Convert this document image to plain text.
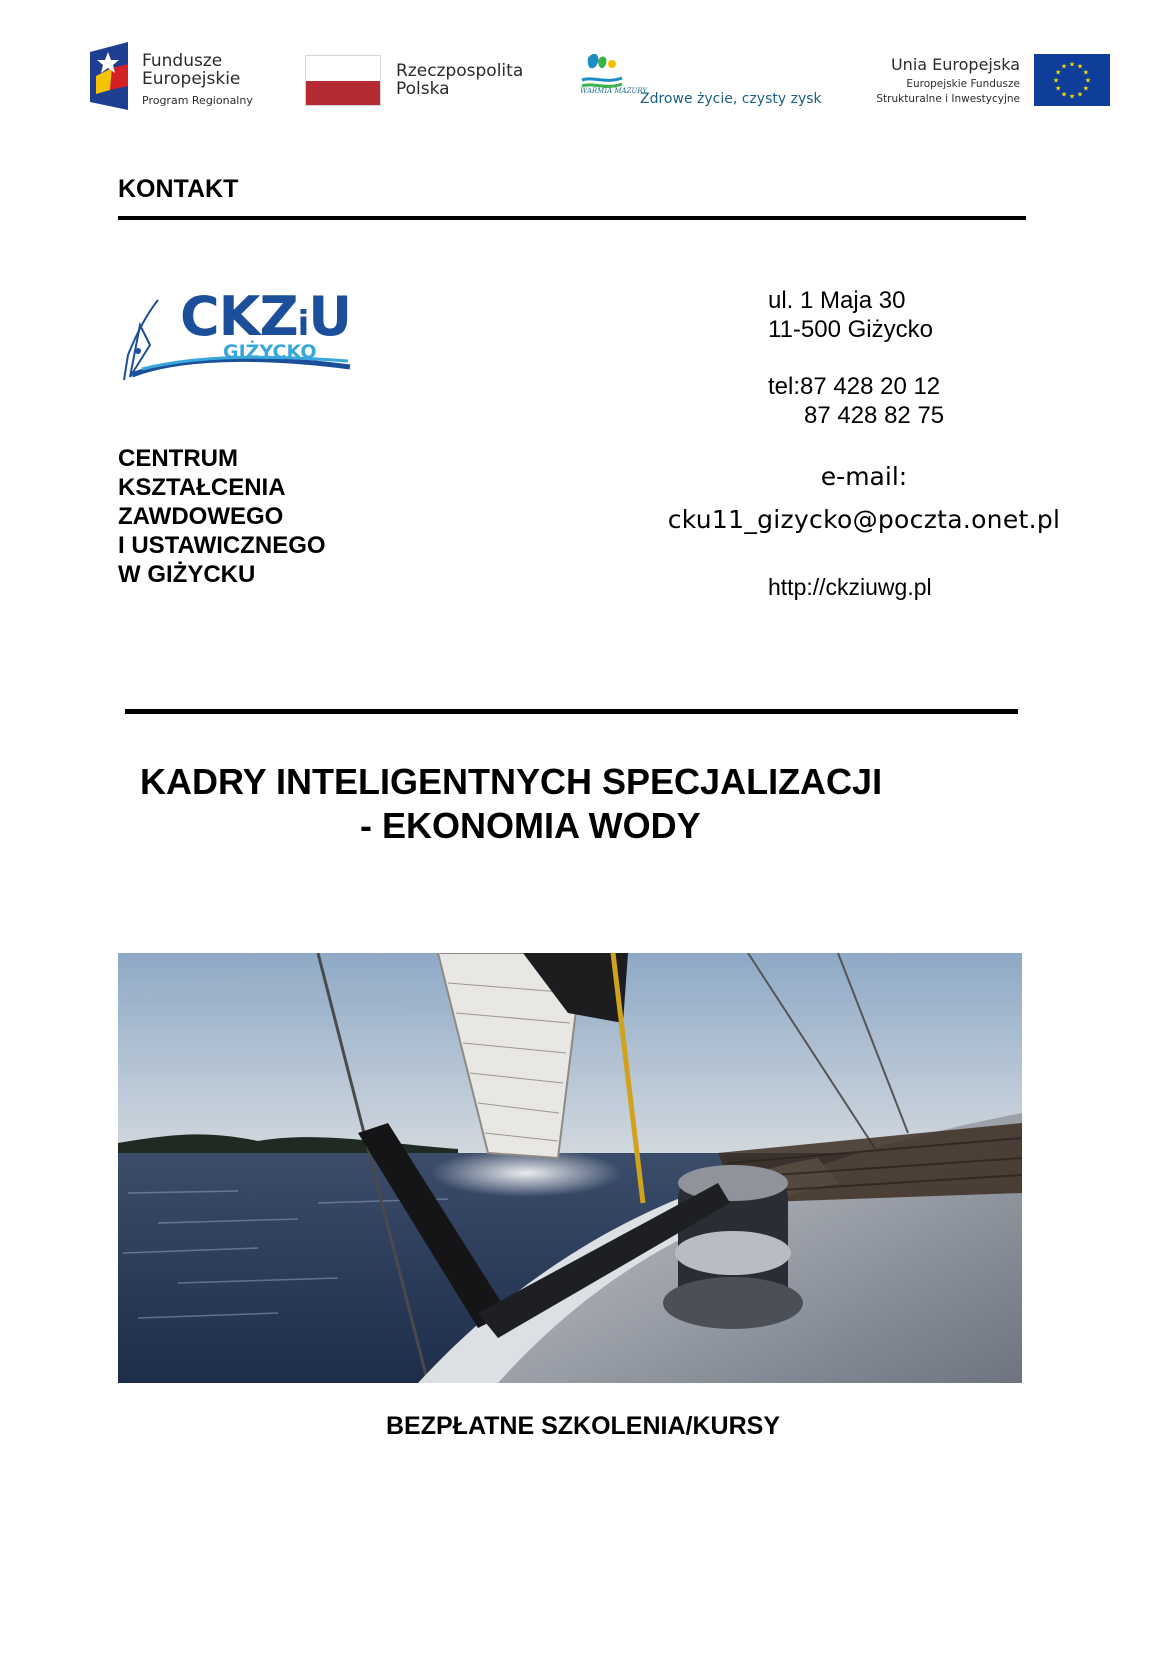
Fundusze
Europejskie
Program Regionalny
Rzeczpospolita
Polska	WARMIA MAZURY
Zdrowe życie, czysty zysk
Unia Europejska
Europejskie Fundusze
Strukturalne i Inwestycyjne
★ ★
★
★
★
★
★
★
★
★
★
★
KONTAKT
CKZiU
GIŻYCKO
CENTRUM
KSZTAŁCENIA
ZAWDOWEGO
I USTAWICZNEGO
W GIŻYCKU
ul. 1 Maja 30
11-500 Giżycko
tel:87 428 20 12
87 428 82 75
e-mail:
cku11_gizycko@poczta.onet.pl
http://ckziuwg.pl
KADRY INTELIGENTNYCH SPECJALIZACJI
- EKONOMIA WODY
BEZPŁATNE SZKOLENIA/KURSY
